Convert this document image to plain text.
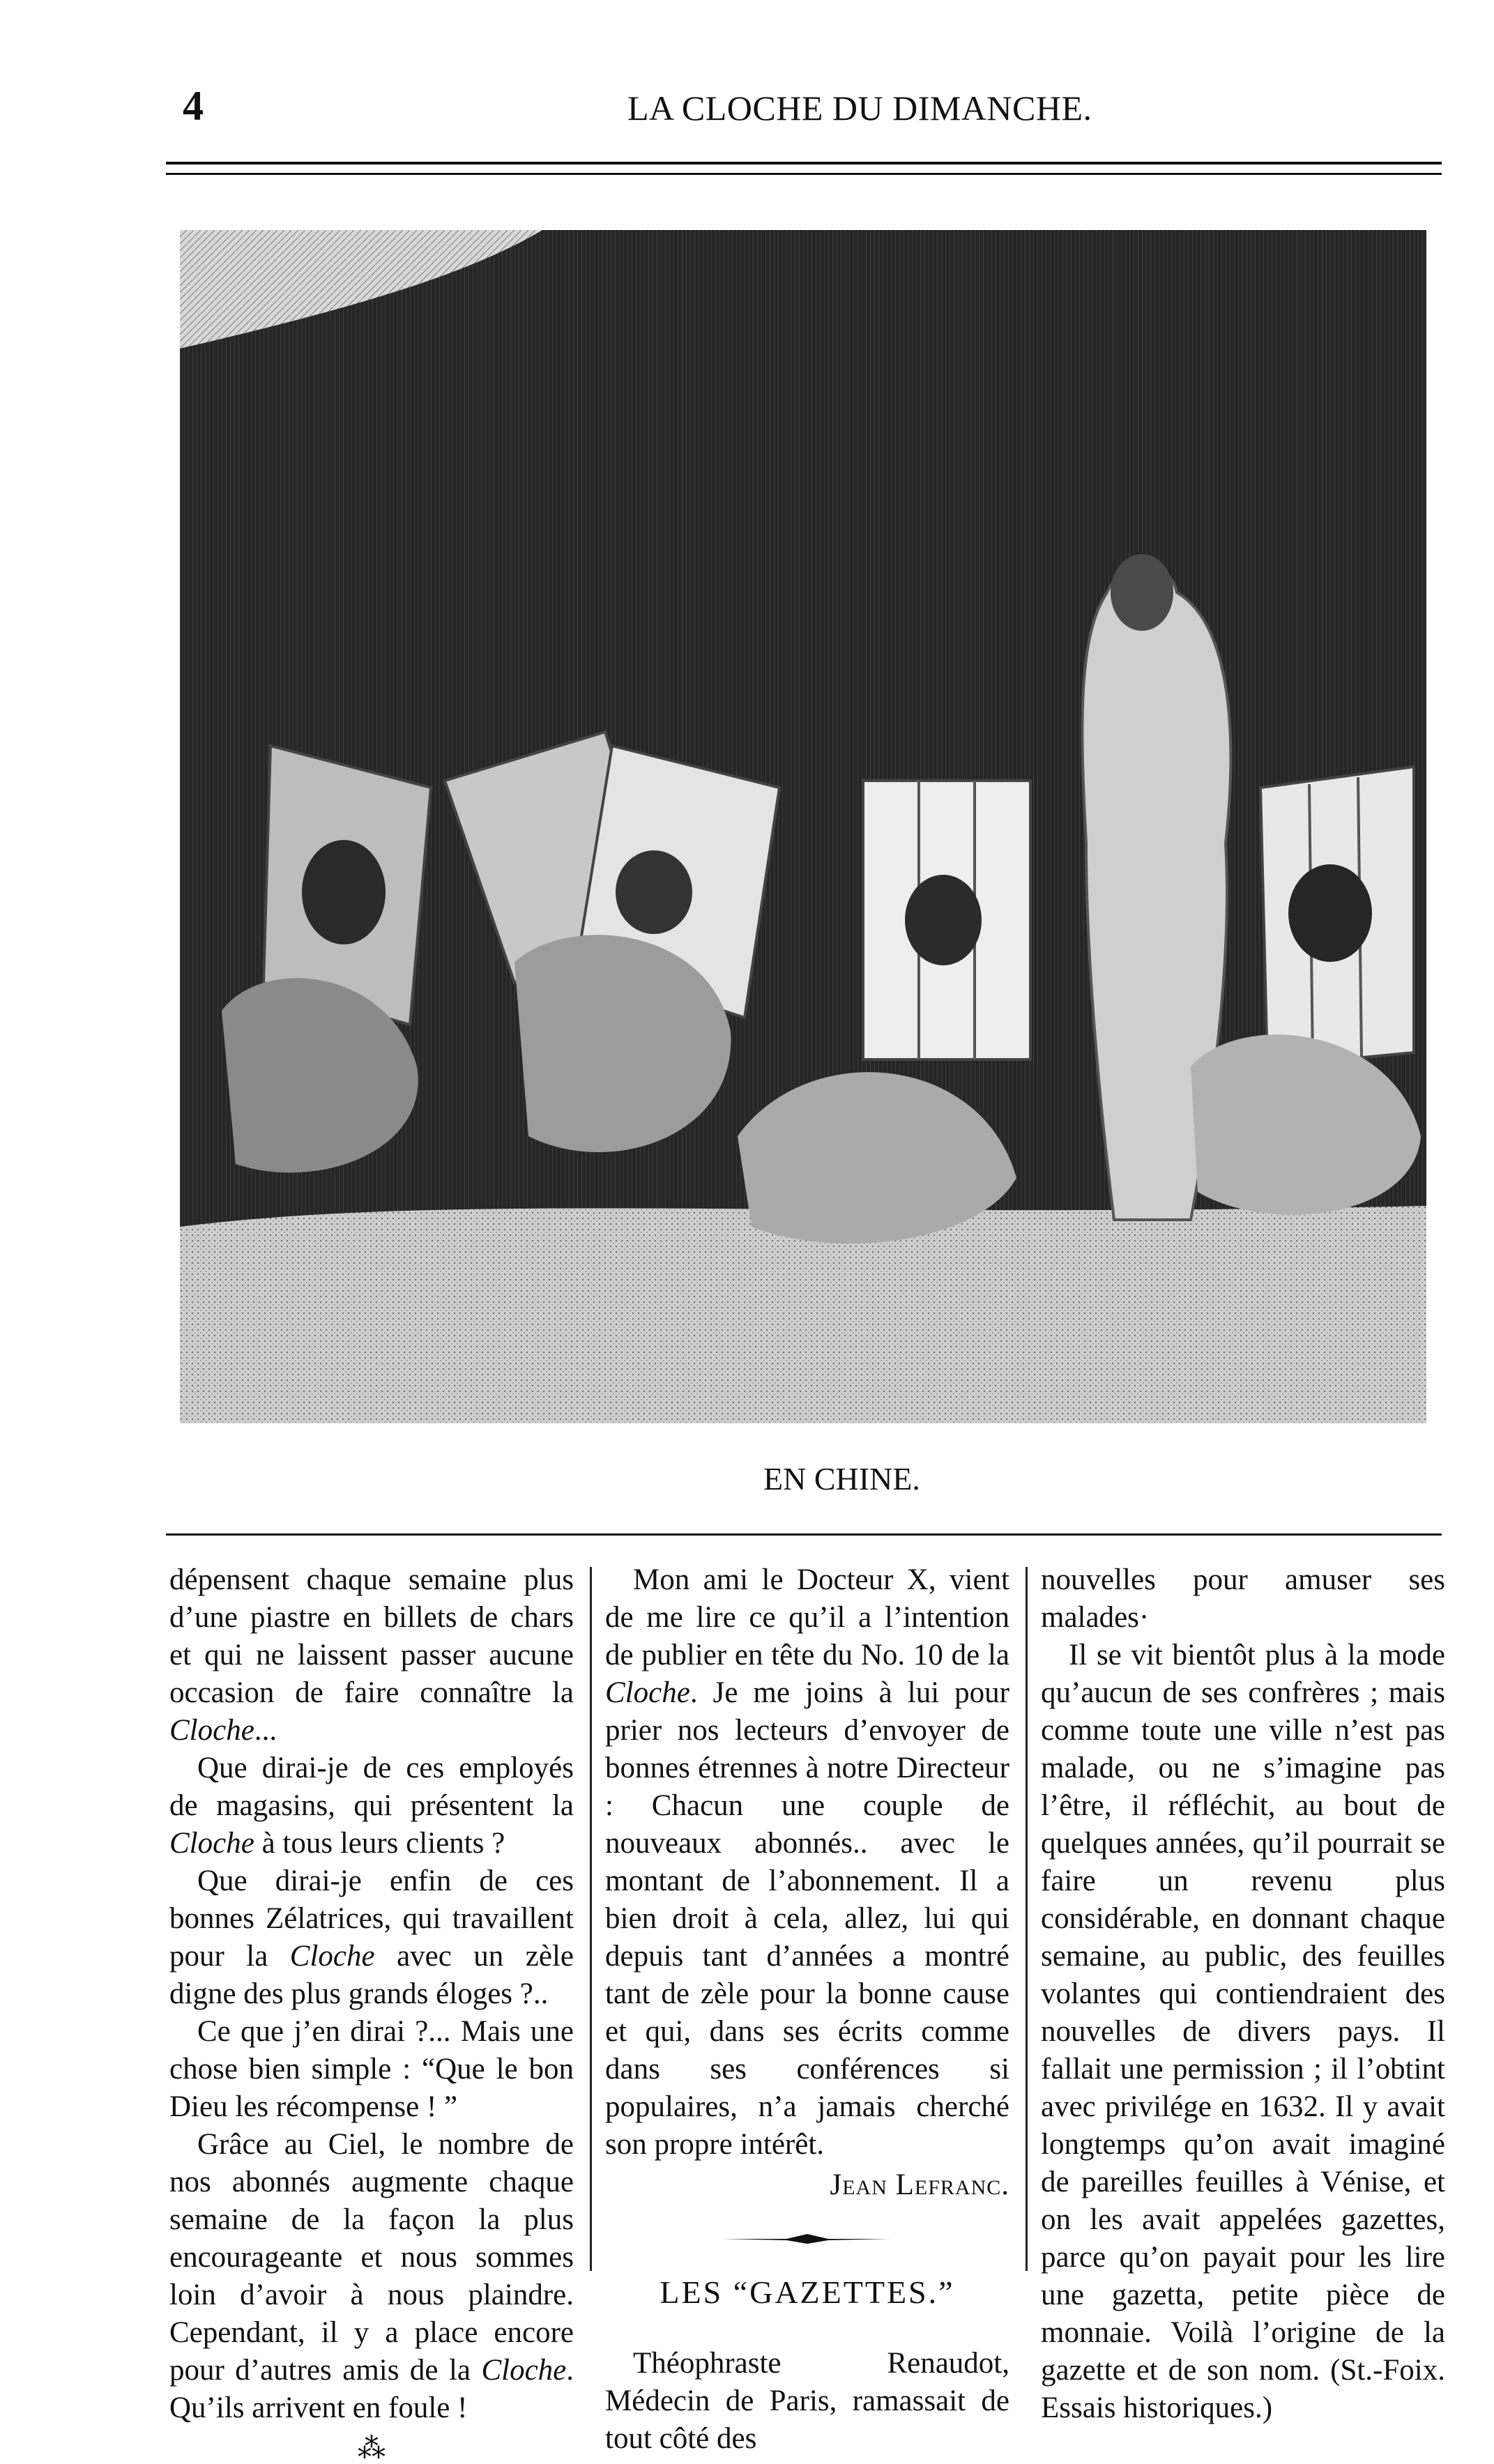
4	LA CLOCHE DU DIMANCHE.
EN CHINE.

dépensent chaque semaine plus d’une piastre en billets de chars et qui ne laissent passer aucune occasion de faire connaître la Cloche...

Que dirai-je de ces employés de magasins, qui présentent la Cloche à tous leurs clients ?

Que dirai-je enfin de ces bonnes Zélatrices, qui travaillent pour la Cloche avec un zèle digne des plus grands éloges ?..

Ce que j’en dirai ?... Mais une chose bien simple : “Que le bon Dieu les récompense ! ”

Grâce au Ciel, le nombre de nos abonnés augmente chaque semaine de la façon la plus encourageante et nous sommes loin d’avoir à nous plaindre. Cependant, il y a place encore pour d’autres amis de la Cloche. Qu’ils arrivent en foule !

⁂

Mon ami le Docteur X, vient de me lire ce qu’il a l’intention de publier en tête du No. 10 de la Cloche. Je me joins à lui pour prier nos lecteurs d’envoyer de bonnes étrennes à notre Directeur : Chacun une couple de nouveaux abonnés.. avec le montant de l’abonnement. Il a bien droit à cela, allez, lui qui depuis tant d’années a montré tant de zèle pour la bonne cause et qui, dans ses écrits comme dans ses conférences si populaires, n’a jamais cherché son propre intérêt.

Jean Lefranc.

LES “GAZETTES.”

Théophraste Renaudot, Médecin de Paris, ramassait de tout côté des

nouvelles pour amuser ses malades·

Il se vit bientôt plus à la mode qu’aucun de ses confrères ; mais comme toute une ville n’est pas malade, ou ne s’imagine pas l’être, il réfléchit, au bout de quelques années, qu’il pourrait se faire un revenu plus considérable, en donnant chaque semaine, au public, des feuilles volantes qui contiendraient des nouvelles de divers pays. Il fallait une permission ; il l’obtint avec privilége en 1632. Il y avait longtemps qu’on avait imaginé de pareilles feuilles à Vénise, et on les avait appelées gazettes, parce qu’on payait pour les lire une gazetta, petite pièce de monnaie. Voilà l’origine de la gazette et de son nom. (St.-Foix. Essais historiques.)
